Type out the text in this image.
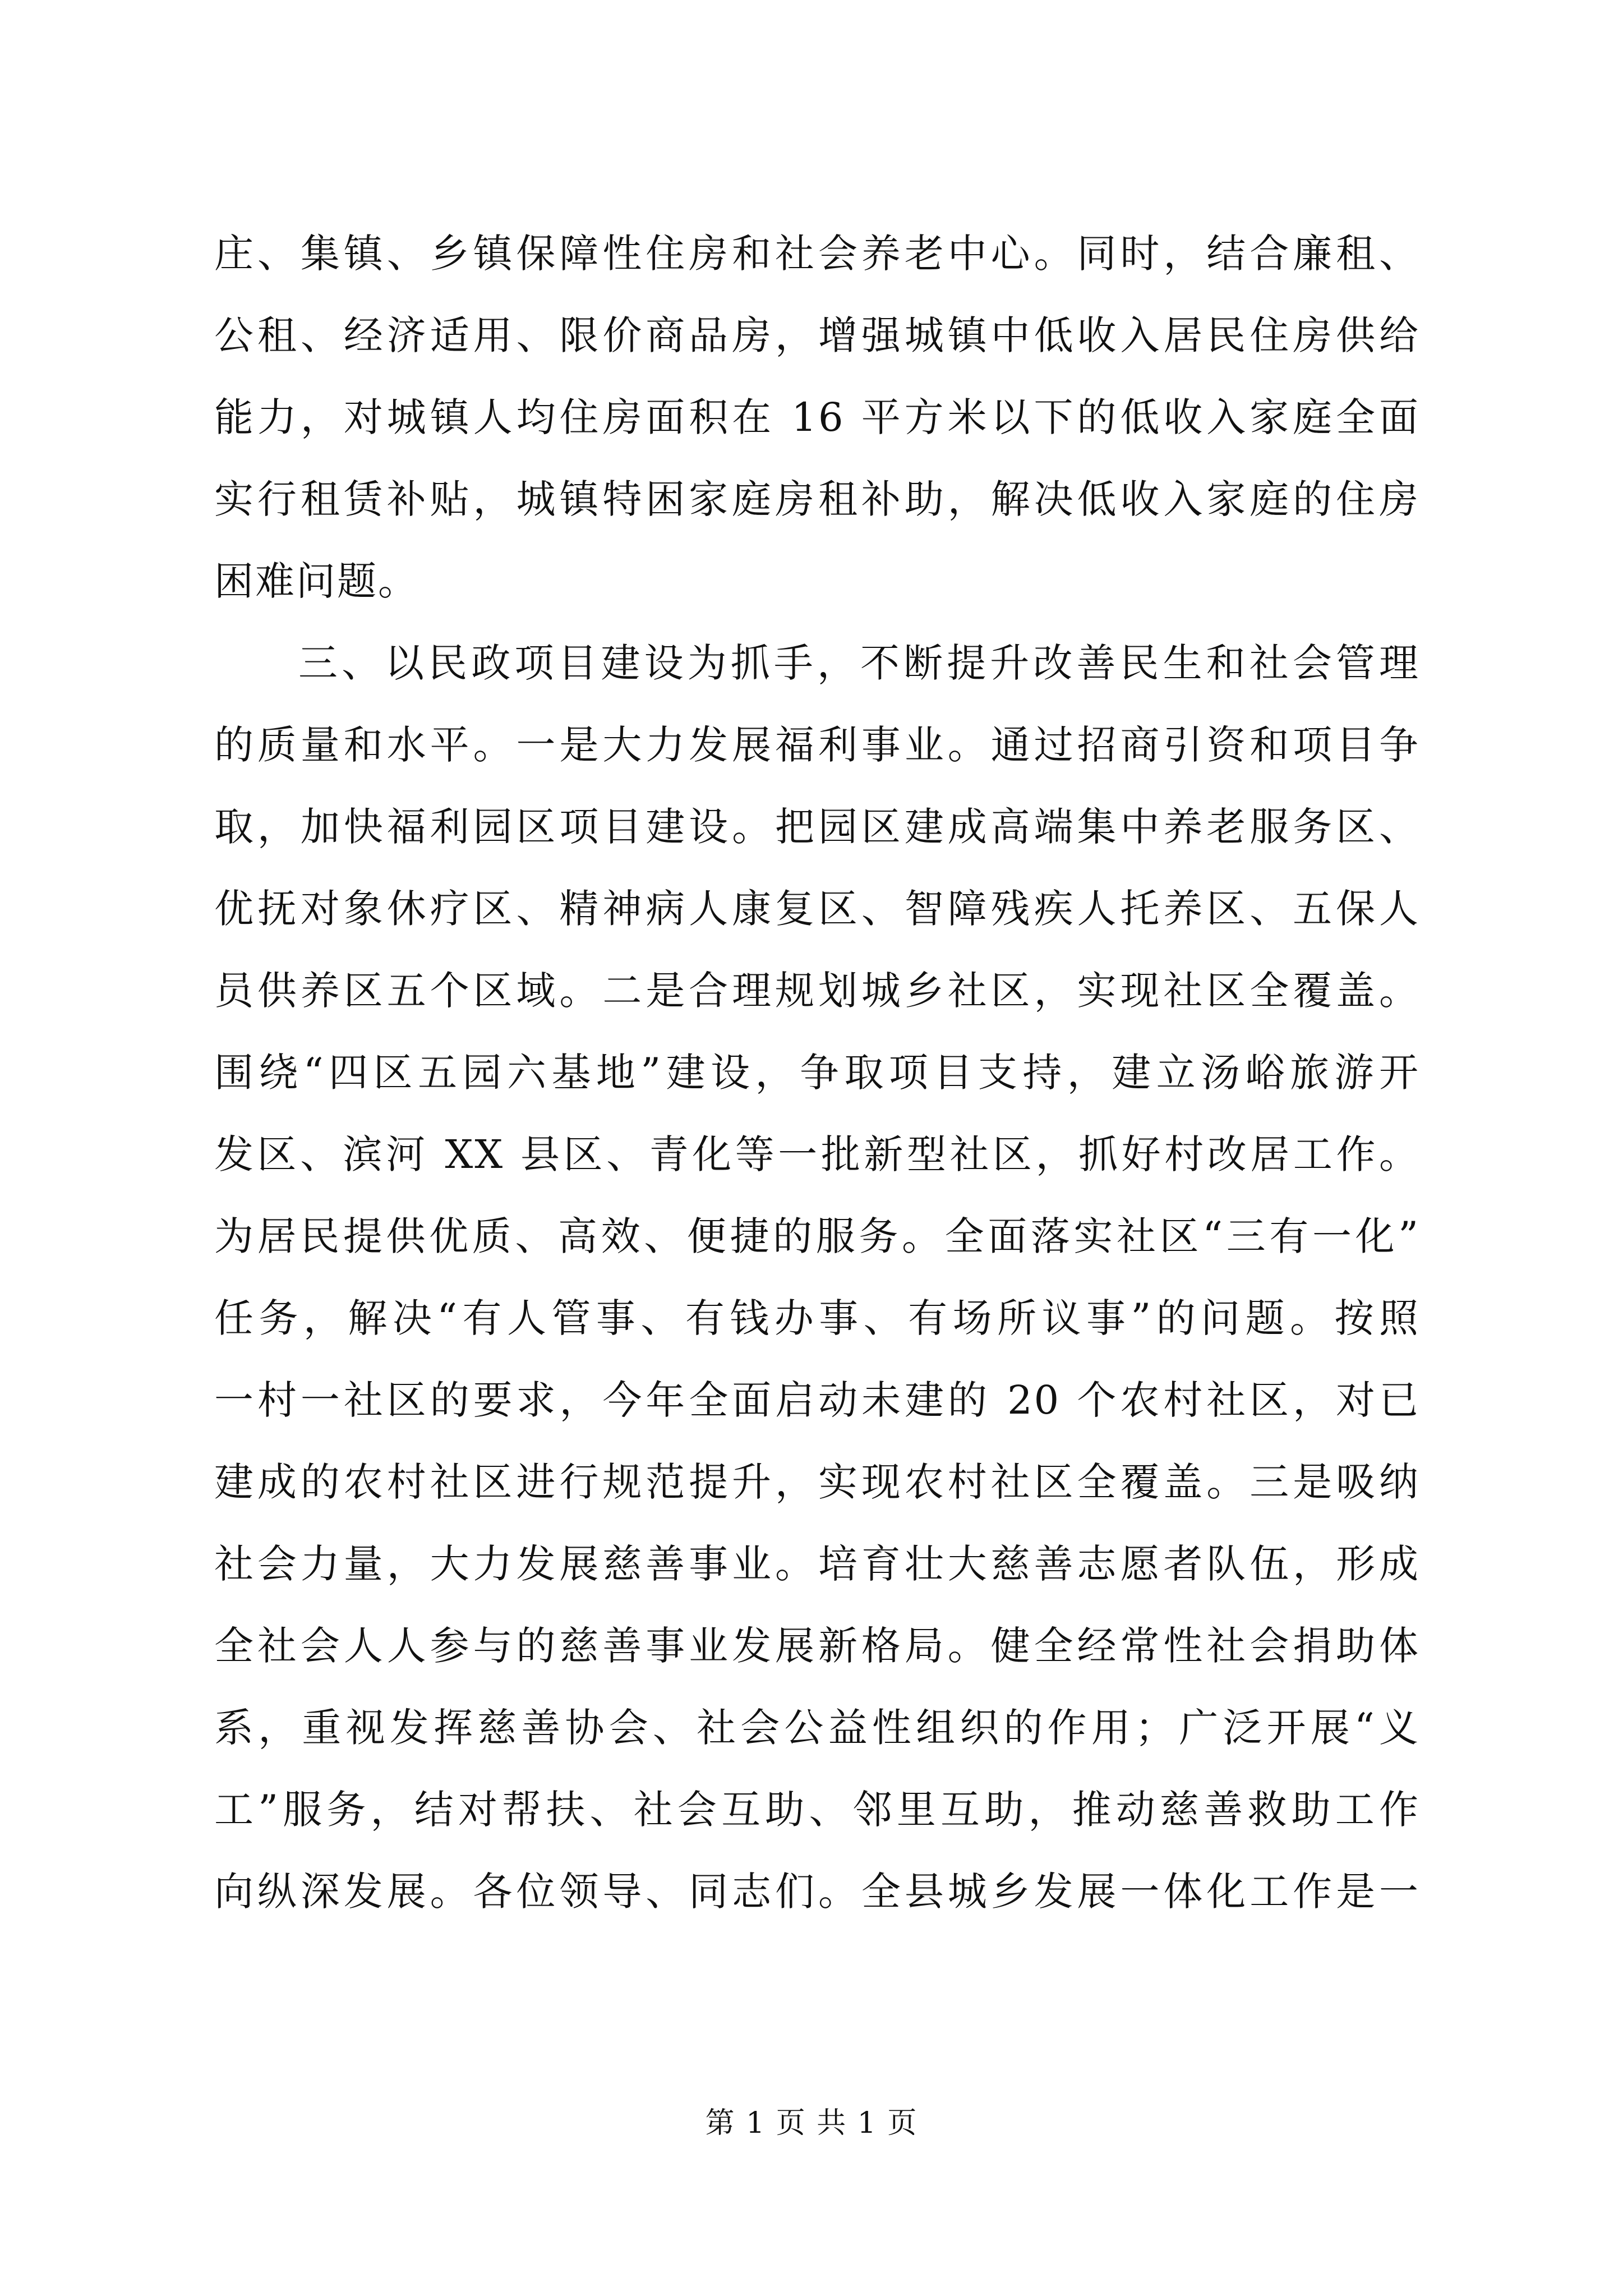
庄、集镇、乡镇保障性住房和社会养老中心。同时，结合廉租、
公租、经济适用、限价商品房，增强城镇中低收入居民住房供给
能力，对城镇人均住房面积在 16 平方米以下的低收入家庭全面
实行租赁补贴，城镇特困家庭房租补助，解决低收入家庭的住房
困难问题。
三、以民政项目建设为抓手，不断提升改善民生和社会管理
的质量和水平。一是大力发展福利事业。通过招商引资和项目争
取，加快福利园区项目建设。把园区建成高端集中养老服务区、
优抚对象休疗区、精神病人康复区、智障残疾人托养区、五保人
员供养区五个区域。二是合理规划城乡社区，实现社区全覆盖。
围绕“四区五园六基地”建设，争取项目支持，建立汤峪旅游开
发区、滨河 XX 县区、青化等一批新型社区，抓好村改居工作。
为居民提供优质、高效、便捷的服务。全面落实社区“三有一化”
任务，解决“有人管事、有钱办事、有场所议事”的问题。按照
一村一社区的要求，今年全面启动未建的 20 个农村社区，对已
建成的农村社区进行规范提升，实现农村社区全覆盖。三是吸纳
社会力量，大力发展慈善事业。培育壮大慈善志愿者队伍，形成
全社会人人参与的慈善事业发展新格局。健全经常性社会捐助体
系，重视发挥慈善协会、社会公益性组织的作用；广泛开展“义
工”服务，结对帮扶、社会互助、邻里互助，推动慈善救助工作
向纵深发展。各位领导、同志们。全县城乡发展一体化工作是一
第 1 页 共 1 页
